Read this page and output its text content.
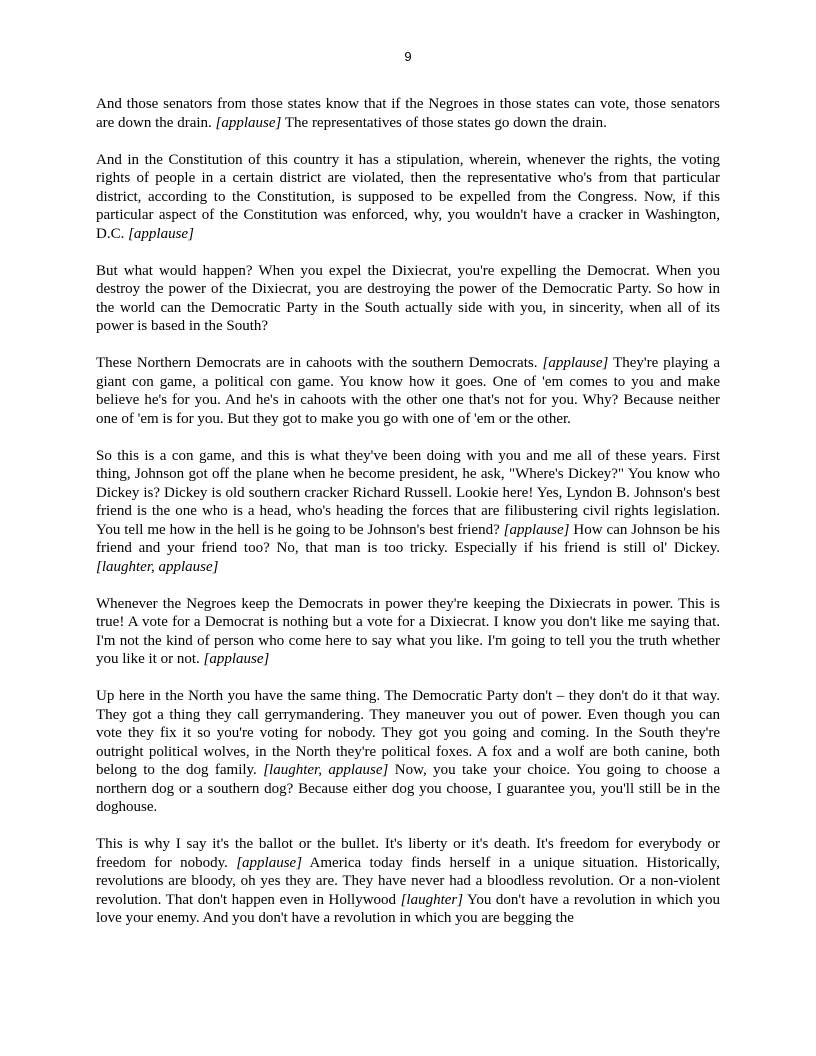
9

And those senators from those states know that if the Negroes in those states can vote, those senators are down the drain. [applause] The representatives of those states go down the drain.

And in the Constitution of this country it has a stipulation, wherein, whenever the rights, the voting rights of people in a certain district are violated, then the representative who's from that particular district, according to the Constitution, is supposed to be expelled from the Congress. Now, if this particular aspect of the Constitution was enforced, why, you wouldn't have a cracker in Washington, D.C. [applause]

But what would happen? When you expel the Dixiecrat, you're expelling the Democrat. When you destroy the power of the Dixiecrat, you are destroying the power of the Democratic Party. So how in the world can the Democratic Party in the South actually side with you, in sincerity, when all of its power is based in the South?

These Northern Democrats are in cahoots with the southern Democrats. [applause] They're playing a giant con game, a political con game. You know how it goes. One of 'em comes to you and make believe he's for you. And he's in cahoots with the other one that's not for you. Why? Because neither one of 'em is for you. But they got to make you go with one of 'em or the other.

So this is a con game, and this is what they've been doing with you and me all of these years. First thing, Johnson got off the plane when he become president, he ask, "Where's Dickey?" You know who Dickey is? Dickey is old southern cracker Richard Russell. Lookie here! Yes, Lyndon B. Johnson's best friend is the one who is a head, who's heading the forces that are filibustering civil rights legislation. You tell me how in the hell is he going to be Johnson's best friend? [applause] How can Johnson be his friend and your friend too? No, that man is too tricky. Especially if his friend is still ol' Dickey. [laughter, applause]

Whenever the Negroes keep the Democrats in power they're keeping the Dixiecrats in power. This is true! A vote for a Democrat is nothing but a vote for a Dixiecrat. I know you don't like me saying that. I'm not the kind of person who come here to say what you like. I'm going to tell you the truth whether you like it or not. [applause]

Up here in the North you have the same thing. The Democratic Party don't – they don't do it that way. They got a thing they call gerrymandering. They maneuver you out of power. Even though you can vote they fix it so you're voting for nobody. They got you going and coming. In the South they're outright political wolves, in the North they're political foxes. A fox and a wolf are both canine, both belong to the dog family. [laughter, applause] Now, you take your choice. You going to choose a northern dog or a southern dog? Because either dog you choose, I guarantee you, you'll still be in the doghouse.

This is why I say it's the ballot or the bullet. It's liberty or it's death. It's freedom for everybody or freedom for nobody. [applause] America today finds herself in a unique situation. Historically, revolutions are bloody, oh yes they are. They have never had a bloodless revolution. Or a non-violent revolution. That don't happen even in Hollywood [laughter] You don't have a revolution in which you love your enemy. And you don't have a revolution in which you are begging the
